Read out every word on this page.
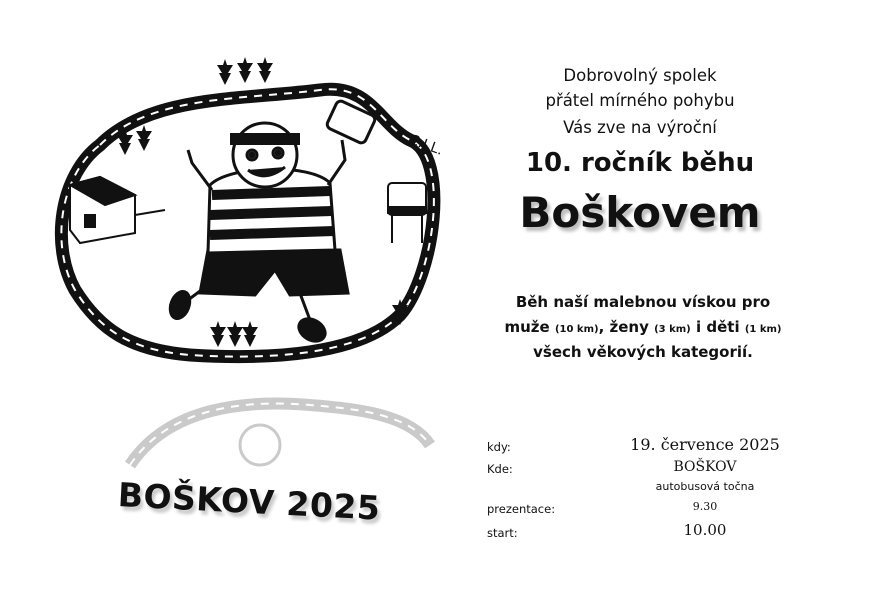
C.I.L.
Dobrovolný spolek
přátel mírného pohybu
Vás zve na výroční
10. ročník běhu
Boškovem
Běh naší malebnou vískou pro
muže (10 km), ženy (3 km) i děti (1 km)
všech věkových kategorií.
BOŠKOV 2025
kdy:	19. července 2025
Kde:	BOŠKOV
autobusová točna
prezentace:	9.30
start:	10.00
